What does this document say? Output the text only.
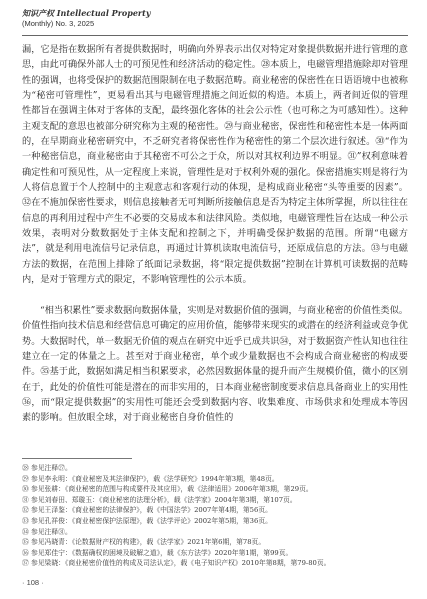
知识产权 Intellectual Property
(Monthly) No. 3, 2025

漏，它是指在数据所有者提供数据时，明确向外界表示出仅对特定对象提供数据并进行管理的意思，由此可确保外部人士的可预见性和经济活动的稳定性。㉘本质上，电磁管理措施除却对管理性的强调，也将受保护的数据范围限制在电子数据范畴。商业秘密的保密性在日语语境中也被称为“秘密可管理性”，更易看出其与电磁管理措施之间近似的构造。本质上，两者间近似的管理性都旨在强调主体对于客体的支配，最终强化客体的社会公示性（也可称之为可感知性）。这种主观支配的意思也被部分研究称为主观的秘密性。㉙与商业秘密，保密性和秘密性本是一体两面的，在早期商业秘密研究中，不乏研究者将保密性作为秘密性的第二个层次进行叙述。㉚“作为一种秘密信息，商业秘密由于其秘密不可公之于众，所以对其权利边界不明显。㉛”权利意味着确定性和可预见性，从一定程度上来说，管理性是对于权利外观的强化。保密措施实则是将行为人将信息置于个人控制中的主观意志和客观行动的体现，是构成商业秘密“头等重要的因素”。㉜在不施加保密性要求，则信息接触者无可判断所接触信息是否为特定主体所掌握，所以往往在信息的再利用过程中产生不必要的交易成本和法律风险。类似地，电磁管理性旨在达成一种公示效果，表明对分数数据处于主体支配和控制之下，并明确受保护数据的范围。所谓“电磁方法”，就是利用电流信号记录信息，再通过计算机读取电流信号，还原成信息的方法。㉝与电磁方法的数据，在范围上排除了纸面记录数据，将“限定提供数据”控制在计算机可读数据的范畴内，是对于管理方式的限定，不影响管理性的公示本质。

“相当积累性”要求数据向数据体量，实则是对数据价值的强调，与商业秘密的价值性类似。价值性指向技术信息和经营信息可确定的应用价值，能够带来现实的或潜在的经济利益或竞争优势。大数据时代，单一数据无价值的观点在研究中近乎已成共识㉞，对于数据资产性认知也往往建立在一定的体量之上。甚至对于商业秘密，单个或少量数据也不会构成合商业秘密的构成要件。㉟基于此，数据如满足相当积累要求，必然因数据体量的提升而产生规模价值，微小的区别在于，此处的价值性可能是潜在的而非实用的，日本商业秘密制度要求信息具备商业上的实用性㊱，而“限定提供数据”的实用性可能还会受到数据内容、收集难度、市场供求和处理成本等因素的影响。但放眼全球，对于商业秘密自身价值性的

㉘ 参见注释㉗。
㉙ 参见李永明：《商业秘密及其法律保护》，载《法学研究》1994年第3期，第48页。
㉚ 参见张耕：《商业秘密的范围与构成要件及其应用》，载《法律适用》2006年第3期，第29页。
㉛ 参见刘春田、郑璇玉：《商业秘密的法理分析》，载《法学家》2004年第3期，第107页。
㉜ 参见王泽鉴：《商业秘密的法律保护》，载《中国法学》2007年第4期，第56页。
㉝ 参见孔祥俊：《商业秘密保护法原理》，载《法学评论》2002年第5期，第36页。
㉞ 参见注释㉛。
㉟ 参见冯晓青：《论数据财产权的构建》，载《法学家》2021年第6期，第78页。
㊱ 参见郑佳宁：《数据确权的困境及破解之道》，载《东方法学》2020年第1期，第99页。
㊲ 参见梁晓：《商业秘密价值性的构成及司法认定》，载《电子知识产权》2010年第8期，第79-80页。
· 108 ·
